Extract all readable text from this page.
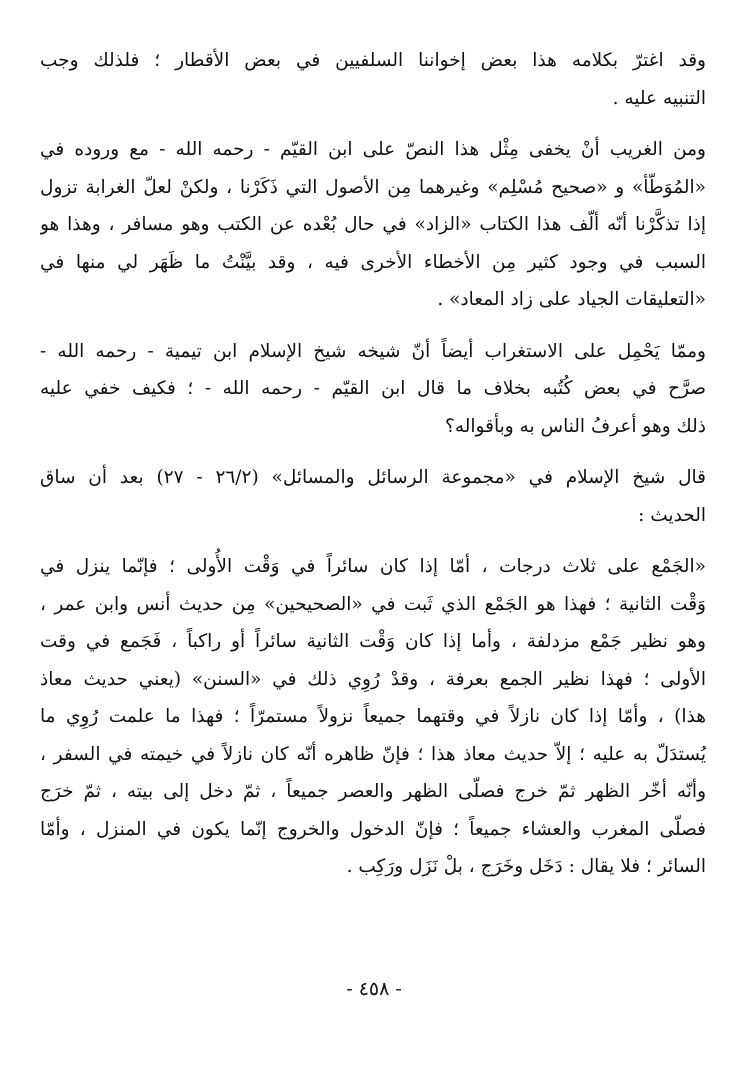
وقد اغترّ بكلامه هذا بعض إخواننا السلفيين في بعض الأقطار ؛ فلذلك وجب
التنبيه عليه .

ومن الغريب أنْ يخفى مِثْل هذا النصّ على ابن القيّم - رحمه الله - مع وروده في
«المُوَطّأ» و «صحيح مُسْلِم» وغيرهما مِن الأصول التي ذَكَرْنا ، ولكنْ لعلّ الغرابة تزول
إذا تذكَّرْنا أنّه ألّف هذا الكتاب «الزاد» في حال بُعْده عن الكتب وهو مسافر ، وهذا هو
السبب في وجود كثير مِن الأخطاء الأخرى فيه ، وقد بيَّنْتُ ما ظَهَر لي منها في
«التعليقات الجياد على زاد المعاد» .

وممّا يَحْمِل على الاستغراب أيضاً أنّ شيخه شيخ الإسلام ابن تيمية - رحمه الله -
صرَّح في بعض كُتُبه بخلاف ما قال ابن القيّم - رحمه الله - ؛ فكيف خفي عليه
ذلك وهو أعرفُ الناس به وبأقواله؟

قال شيخ الإسلام في «مجموعة الرسائل والمسائل» (٢٦/٢ - ٢٧) بعد أن ساق
الحديث :

«الجَمْع على ثلاث درجات ، أمّا إذا كان سائراً في وَقْت الأُولى ؛ فإنّما ينزل في
وَقْت الثانية ؛ فهذا هو الجَمْع الذي ثَبت في «الصحيحين» مِن حديث أنس وابن عمر ،
وهو نظير جَمْع مزدلفة ، وأما إذا كان وَقْت الثانية سائراً أو راكباً ، فَجَمع في وقت
الأولى ؛ فهذا نظير الجمع بعرفة ، وقدْ رُوِي ذلك في «السنن» (يعني حديث معاذ
هذا) ، وأمّا إذا كان نازلاً في وقتهما جميعاً نزولاً مستمرّاً ؛ فهذا ما علمت رُوِي ما
يُستدَلّ به عليه ؛ إلاّ حديث معاذ هذا ؛ فإنّ ظاهره أنّه كان نازلاً في خيمته في السفر ،
وأنّه أخّر الظهر ثمّ خرج فصلّى الظهر والعصر جميعاً ، ثمّ دخل إلى بيته ، ثمّ خرَج
فصلّى المغرب والعشاء جميعاً ؛ فإنّ الدخول والخروج إنّما يكون في المنزل ، وأمّا
السائر ؛ فلا يقال : دَخَل وخَرَج ، بلْ نَزَل ورَكِب .

- ٤٥٨ -
